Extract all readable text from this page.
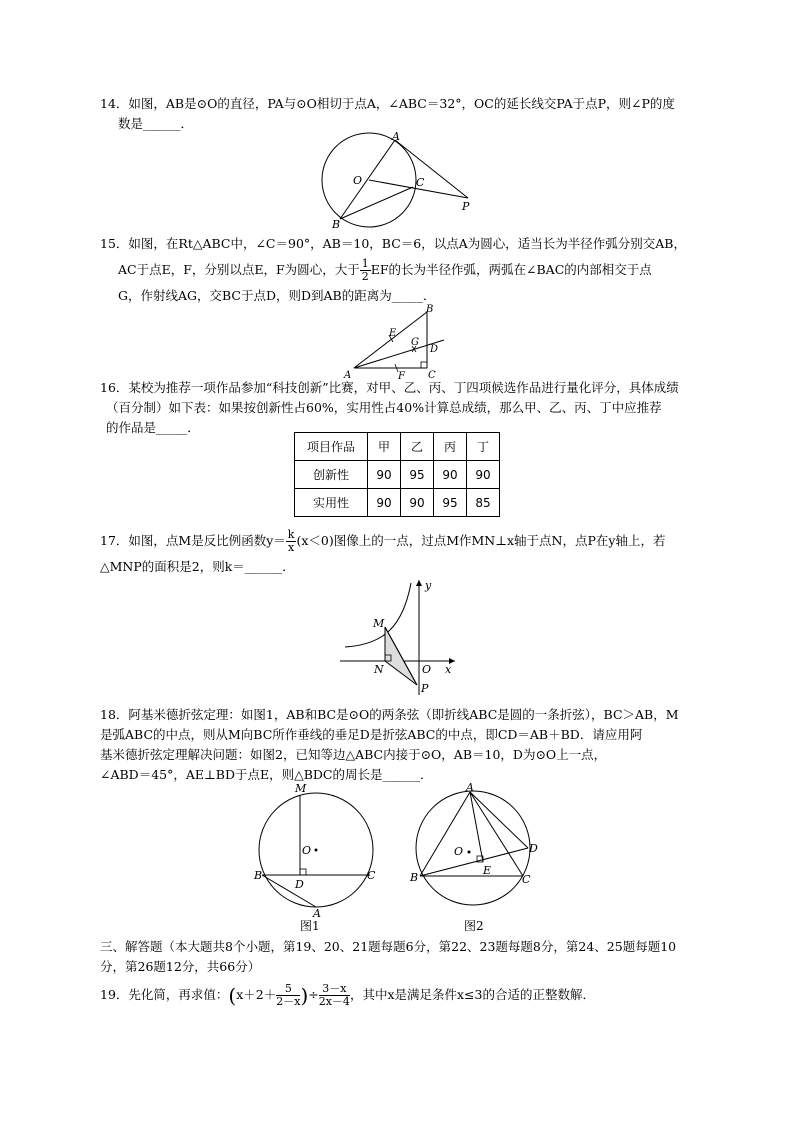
14．如图，AB是⊙O的直径，PA与⊙O相切于点A，∠ABC＝32°，OC的延长线交PA于点P，则∠P的度
数是______．
A
O	C
P
B
15．如图，在Rt△ABC中，∠C＝90°，AB＝10，BC＝6，以点A为圆心，适当长为半径作弧分别交AB，
AC于点E，F，分别以点E，F为圆心，大于 $\frac{1}{2}$ EF的长为半径作弧，两弧在∠BAC的内部相交于点
G，作射线AG，交BC于点D，则D到AB的距离为_____．
A
B
C
D
E
F
G
16．某校为推荐一项作品参加“科技创新”比赛，对甲、乙、丙、丁四项候选作品进行量化评分，具体成绩
（百分制）如下表：如果按创新性占60%，实用性占40%计算总成绩，那么甲、乙、丙、丁中应推荐
的作品是_____．
项目作品	甲	乙	丙	丁
创新性	90	95	90	90
实用性	90	90	95	85
17．如图，点M是反比例函数$y= \frac{k}{x} (x<0)$图像上的一点，过点M作MN⊥x轴于点N，点P在y轴上，若
△MNP的面积是2，则k＝______．
y
x
M
N	O
P
18．阿基米德折弦定理：如图1，AB和BC是⊙O的两条弦（即折线ABC是圆的一条折弦），BC＞AB，M
是弧ABC的中点，则从M向BC所作垂线的垂足D是折弦ABC的中点，即CD＝AB＋BD．请应用阿
基米德折弦定理解决问题：如图2，已知等边△ABC内接于⊙O，AB＝10，D为⊙O上一点，
∠ABD＝45°，AE⊥BD于点E，则△BDC的周长是______．
M
O
B	C
D
A
图1
A
O	D
B
E
C
图2
三、解答题（本大题共8个小题，第19、20、21题每题6分，第22、23题每题8分，第24、25题每题10
分，第26题12分，共66分）
19．先化简，再求值：($x+2+ \frac{5}{2-x}$ )÷ $\frac{3-x}{2x-4}$ ，其中x是满足条件x≤3的合适的正整数解．
